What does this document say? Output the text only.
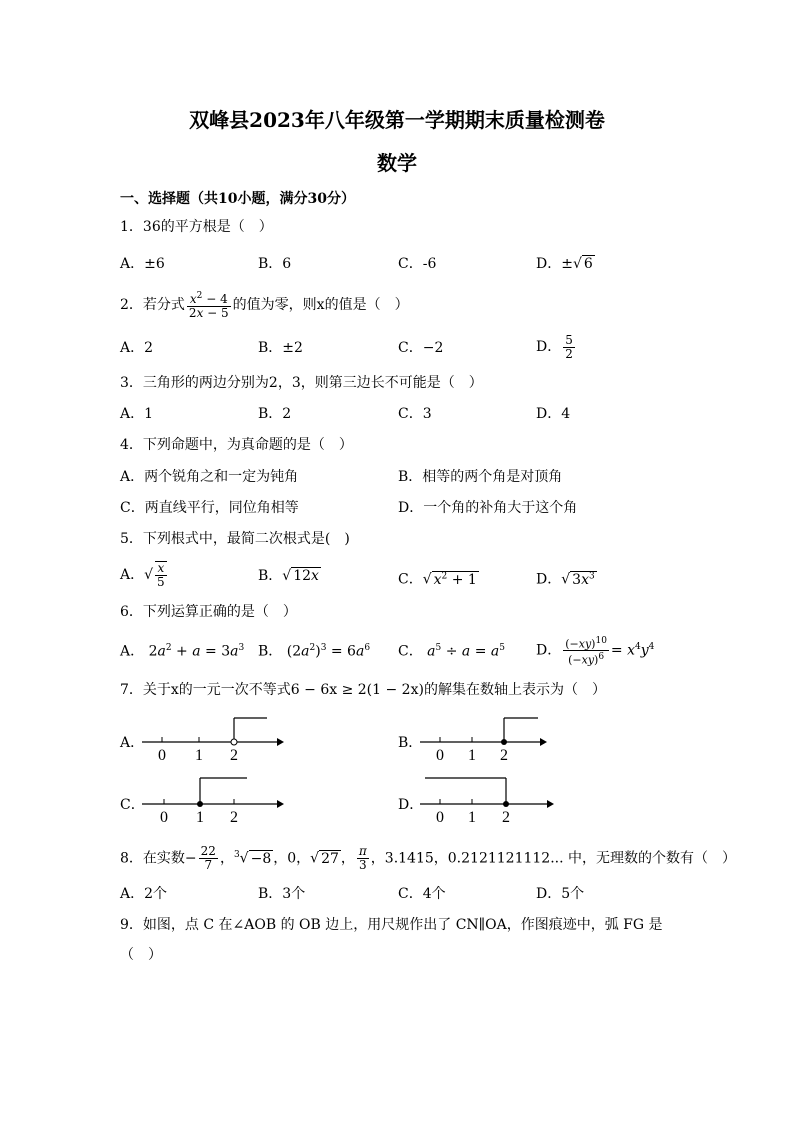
双峰县2023年八年级第一学期期末质量检测卷
数学
一、选择题（共10小题，满分30分）
1．36的平方根是（　）
A．±6	B．6	C．-6	D．±√ 6
2．若分式 $\frac{x^2 - 4}{2x - 5}$ 的值为零，则x的值是（　）
A．2	B．±2	C．−2	D． $\frac{5}{2}$
3．三角形的两边分别为2，3，则第三边长不可能是（　）
A．1	B．2	C．3	D．4
4．下列命题中，为真命题的是（　）
A．两个锐角之和一定为钝角	B．相等的两个角是对顶角
C．两直线平行，同位角相等	D．一个角的补角大于这个角
5．下列根式中，最简二次根式是(　)
A．√ $\frac{x}{5}$	B．√ 12x	C．√ $x^2 + 1$	D．√ $3x^3$
6．下列运算正确的是（　）
A． $2a^2 + a = 3a^3$ B． $(2a^2)^3 = 6a^6$ C． $a^5 \div a = a^5$ D． $\frac{(-xy)^{10}}{(-xy)^6} = x^4y^4$
7．关于x的一元一次不等式6 − 6x ≥ 2(1 − 2x)的解集在数轴上表示为（　）
A．
0 1 2
B．
0 1 2
C．
0 1 2
D．
0 1 2
8．在实数− $\frac{22}{7}$ ，$^3$√ −8 ，0，√ 27 ， $\frac{\pi}{3}$ ，3.1415，0.2121121112... 中，无理数的个数有（　）
A．2个	B．3个	C．4个	D．5个
9．如图，点 C 在∠AOB 的 OB 边上，用尺规作出了 CN∥OA，作图痕迹中，弧 FG 是
（　）
